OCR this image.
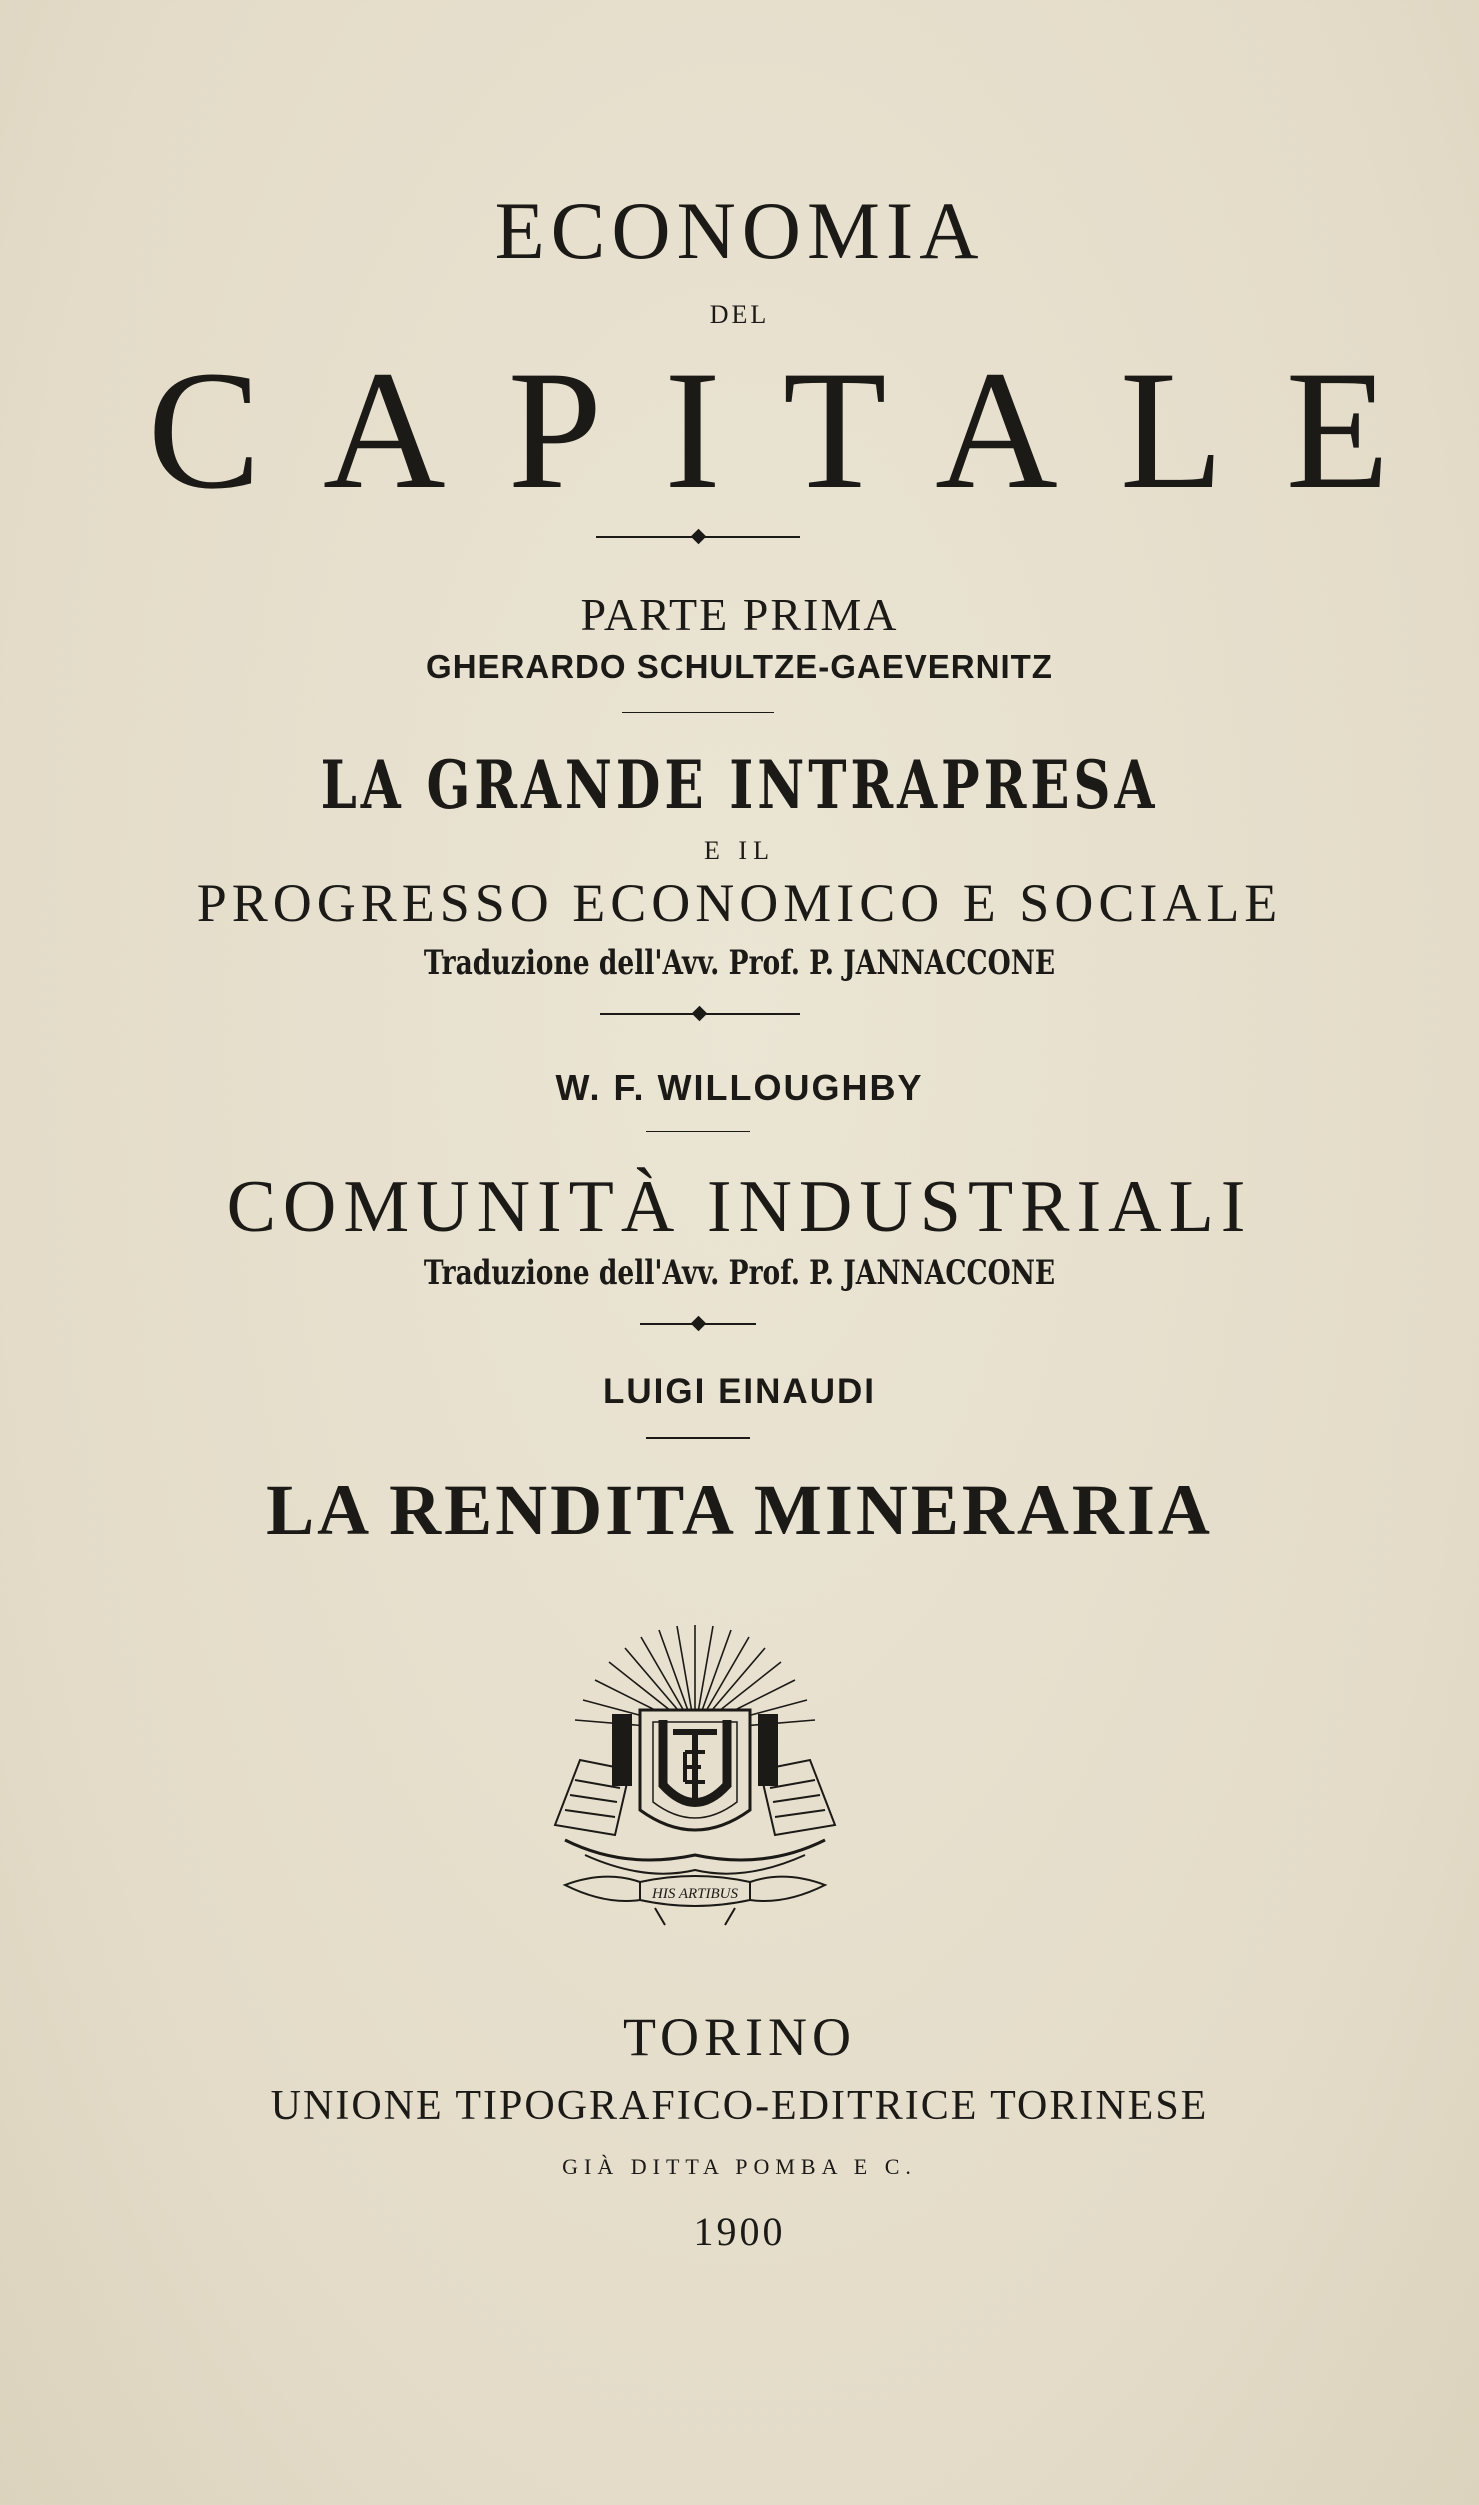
ECONOMIA
DEL
CAPITALE
PARTE PRIMA
GHERARDO SCHULTZE-GAEVERNITZ
LA GRANDE INTRAPRESA
E IL
PROGRESSO ECONOMICO E SOCIALE
Traduzione dell'Avv. Prof. P. JANNACCONE
W. F. WILLOUGHBY
COMUNITÀ INDUSTRIALI
Traduzione dell'Avv. Prof. P. JANNACCONE
LUIGI EINAUDI
LA RENDITA MINERARIA
HIS ARTIBUS
TORINO
UNIONE TIPOGRAFICO-EDITRICE TORINESE
GIÀ DITTA POMBA E C.
1900
